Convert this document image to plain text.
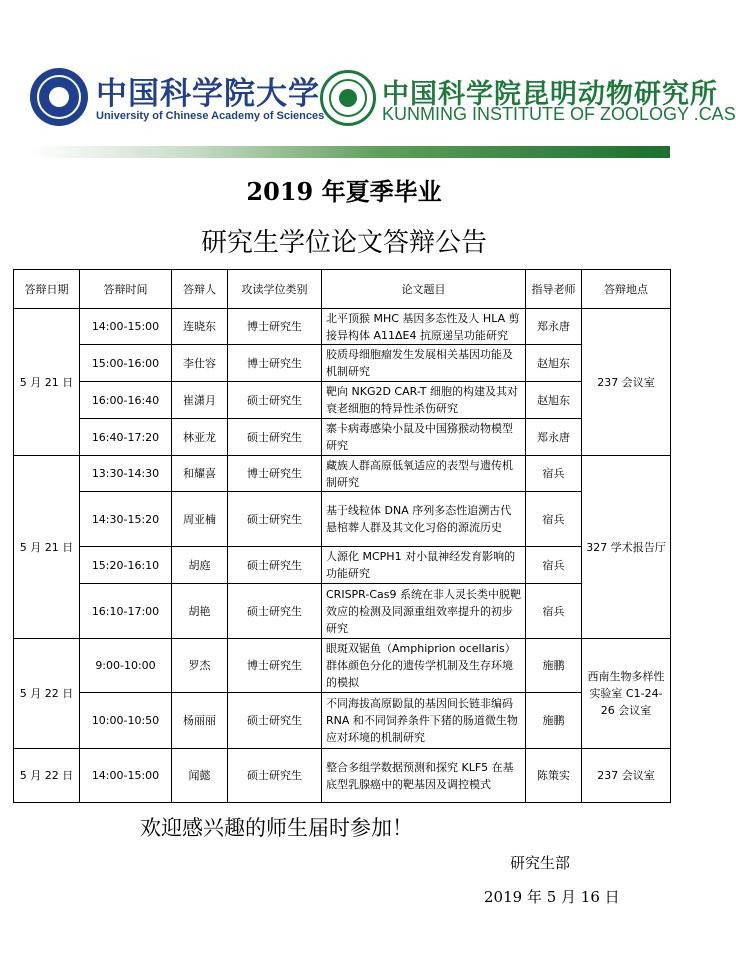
中国科学院大学
University of Chinese Academy of Sciences
中国科学院昆明动物研究所
KUNMING INSTITUTE OF ZOOLOGY .CAS
2019 年夏季毕业
研究生学位论文答辩公告
答辩日期	答辩时间	答辩人	攻读学位类别	论文题目	指导老师	答辩地点
5 月 21 日	14:00-15:00	连晓东	博士研究生	北平顶猴 MHC 基因多态性及人 HLA 剪接异构体 A11ΔE4 抗原递呈功能研究	郑永唐	237 会议室
	15:00-16:00	李仕容	博士研究生	胶质母细胞瘤发生发展相关基因功能及机制研究	赵旭东	
	16:00-16:40	崔潇月	硕士研究生	靶向 NKG2D CAR-T 细胞的构建及其对衰老细胞的特异性杀伤研究	赵旭东	
	16:40-17:20	林亚龙	硕士研究生	寨卡病毒感染小鼠及中国猕猴动物模型研究	郑永唐	
5 月 21 日	13:30-14:30	和耀喜	博士研究生	藏族人群高原低氧适应的表型与遗传机制研究	宿兵	327 学术报告厅
	14:30-15:20	周亚楠	硕士研究生	基于线粒体 DNA 序列多态性追溯古代悬棺葬人群及其文化习俗的源流历史	宿兵	
	15:20-16:10	胡庭	硕士研究生	人源化 MCPH1 对小鼠神经发育影响的功能研究	宿兵	
	16:10-17:00	胡艳	硕士研究生	CRISPR-Cas9 系统在非人灵长类中脱靶效应的检测及同源重组效率提升的初步研究	宿兵	
5 月 22 日	9:00-10:00	罗杰	博士研究生	眼斑双锯鱼（Amphiprion ocellaris）群体颜色分化的遗传学机制及生存环境的模拟	施鹏	西南生物多样性实验室 C1-24-26 会议室
	10:00-10:50	杨丽丽	硕士研究生	不同海拔高原鼢鼠的基因间长链非编码 RNA 和不同饲养条件下猪的肠道微生物应对环境的机制研究	施鹏	
5 月 22 日	14:00-15:00	闻懿	硕士研究生	整合多组学数据预测和探究 KLF5 在基底型乳腺癌中的靶基因及调控模式	陈策实	237 会议室
欢迎感兴趣的师生届时参加！
研究生部
2019 年 5 月 16 日
